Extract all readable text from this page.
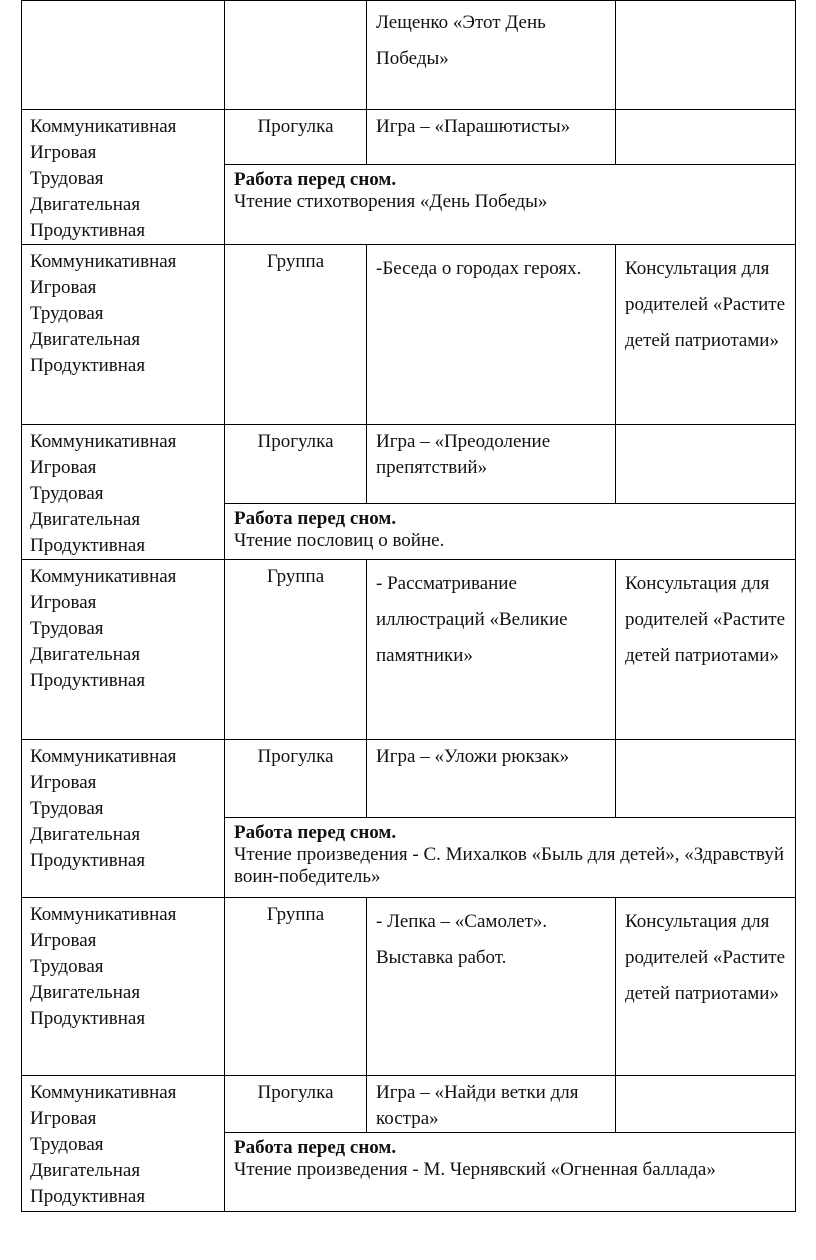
		Лещенко «Этот День Победы»	

Коммуникативная
Игровая
Трудовая
Двигательная
Продуктивная	Прогулка	Игра – «Парашютисты»	

	Работа перед сном.
Чтение стихотворения «День Победы»		

Коммуникативная
Игровая
Трудовая
Двигательная
Продуктивная	Группа	-Беседа о городах героях.	Консультация для родителей «Растите детей патриотами»

Коммуникативная
Игровая
Трудовая
Двигательная
Продуктивная	Прогулка	Игра – «Преодоление препятствий»	

	Работа перед сном.
Чтение пословиц о войне.		

Коммуникативная
Игровая
Трудовая
Двигательная
Продуктивная	Группа	- Рассматривание иллюстраций «Великие памятники»	Консультация для родителей «Растите детей патриотами»

Коммуникативная
Игровая
Трудовая
Двигательная
Продуктивная	Прогулка	Игра – «Уложи рюкзак»	

	Работа перед сном.
Чтение произведения - С. Михалков «Быль для детей», «Здравствуй воин-победитель»		

Коммуникативная
Игровая
Трудовая
Двигательная
Продуктивная	Группа	- Лепка – «Самолет». Выставка работ.	Консультация для родителей «Растите детей патриотами»

Коммуникативная
Игровая
Трудовая
Двигательная
Продуктивная	Прогулка	Игра – «Найди ветки для костра»	

	Работа перед сном.
Чтение произведения - М. Чернявский «Огненная баллада»		
